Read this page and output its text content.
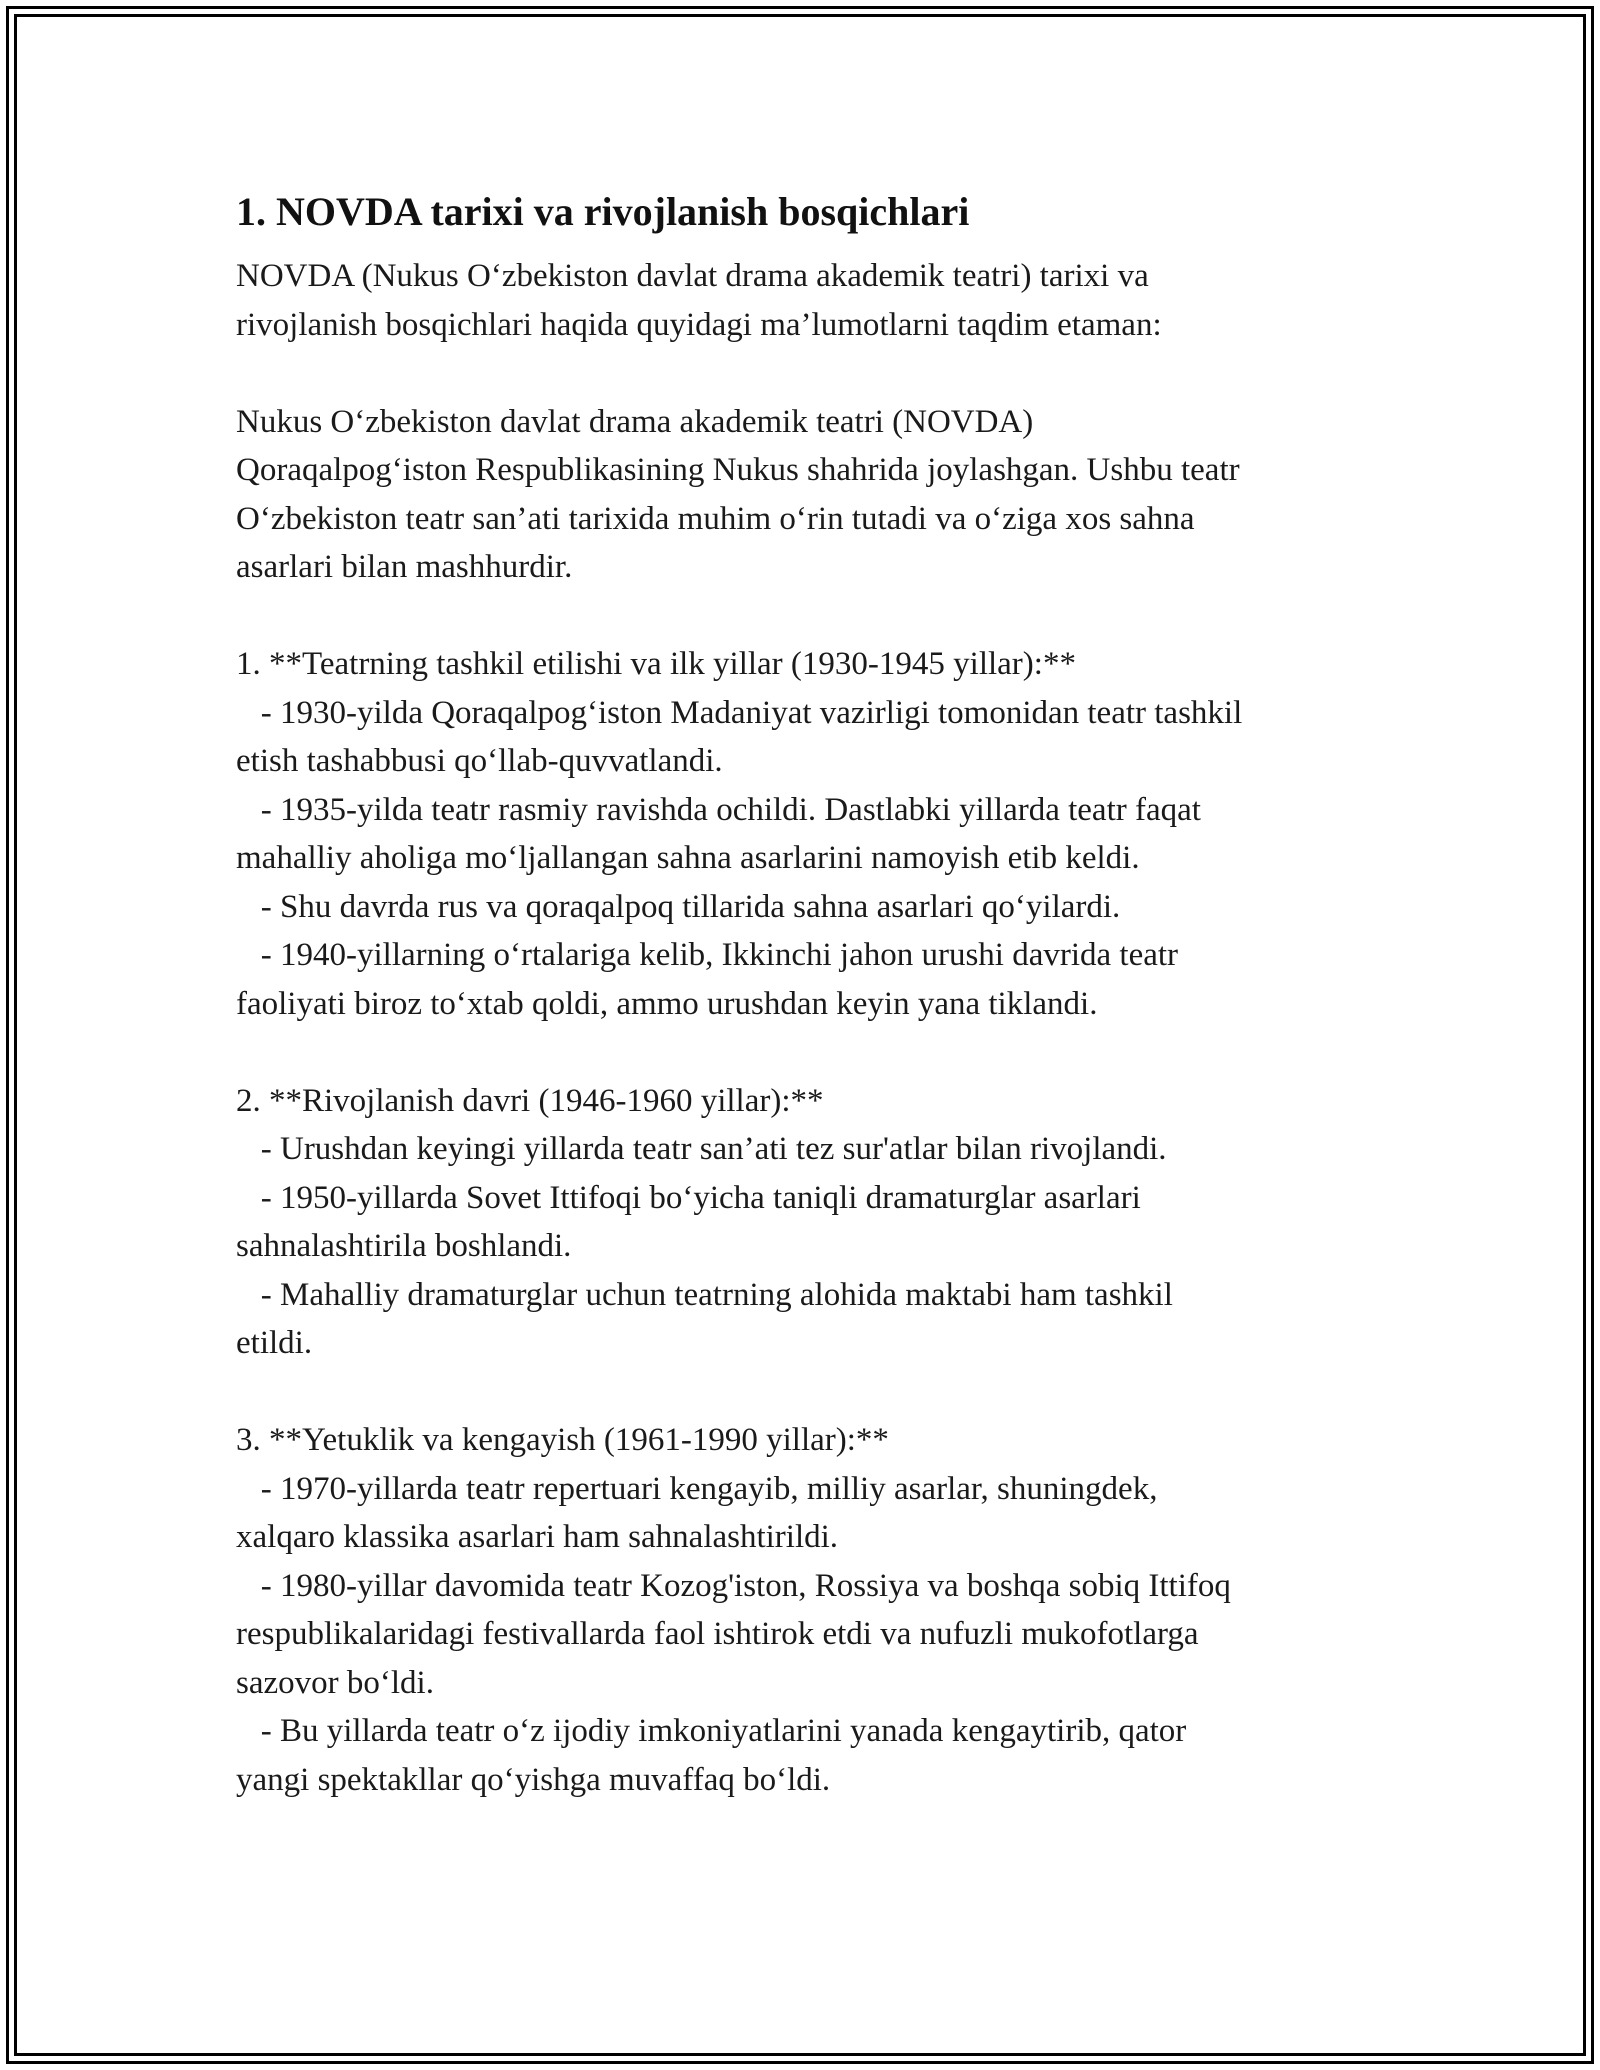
1. NOVDA tarixi va rivojlanish bosqichlari
NOVDA (Nukus O‘zbekiston davlat drama akademik teatri) tarixi va
rivojlanish bosqichlari haqida quyidagi ma’lumotlarni taqdim etaman:
Nukus O‘zbekiston davlat drama akademik teatri (NOVDA)
Qoraqalpog‘iston Respublikasining Nukus shahrida joylashgan. Ushbu teatr
O‘zbekiston teatr san’ati tarixida muhim o‘rin tutadi va o‘ziga xos sahna
asarlari bilan mashhurdir.
1. **Teatrning tashkil etilishi va ilk yillar (1930-1945 yillar):**
- 1930-yilda Qoraqalpog‘iston Madaniyat vazirligi tomonidan teatr tashkil
etish tashabbusi qo‘llab-quvvatlandi.
- 1935-yilda teatr rasmiy ravishda ochildi. Dastlabki yillarda teatr faqat
mahalliy aholiga mo‘ljallangan sahna asarlarini namoyish etib keldi.
- Shu davrda rus va qoraqalpoq tillarida sahna asarlari qo‘yilardi.
- 1940-yillarning o‘rtalariga kelib, Ikkinchi jahon urushi davrida teatr
faoliyati biroz to‘xtab qoldi, ammo urushdan keyin yana tiklandi.
2. **Rivojlanish davri (1946-1960 yillar):**
- Urushdan keyingi yillarda teatr san’ati tez sur'atlar bilan rivojlandi.
- 1950-yillarda Sovet Ittifoqi bo‘yicha taniqli dramaturglar asarlari
sahnalashtirila boshlandi.
- Mahalliy dramaturglar uchun teatrning alohida maktabi ham tashkil
etildi.
3. **Yetuklik va kengayish (1961-1990 yillar):**
- 1970-yillarda teatr repertuari kengayib, milliy asarlar, shuningdek,
xalqaro klassika asarlari ham sahnalashtirildi.
- 1980-yillar davomida teatr Kozog'iston, Rossiya va boshqa sobiq Ittifoq
respublikalaridagi festivallarda faol ishtirok etdi va nufuzli mukofotlarga
sazovor bo‘ldi.
- Bu yillarda teatr o‘z ijodiy imkoniyatlarini yanada kengaytirib, qator
yangi spektakllar qo‘yishga muvaffaq bo‘ldi.
